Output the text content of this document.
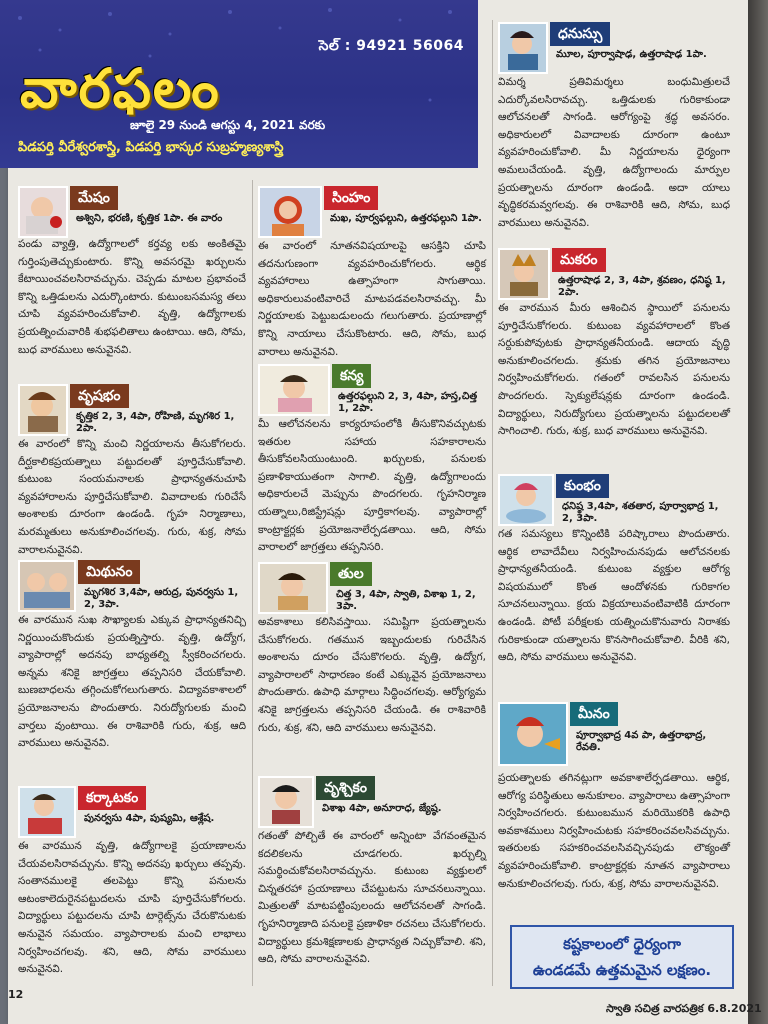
సెల్ : 94921 56064
వారఫలం
జూలై 29 నుండి ఆగస్టు 4, 2021 వరకు
పిడపర్తి వీరేశ్వరశాస్త్రి, పిడపర్తి భాస్కర సుబ్రహ్మణ్యశాస్త్రి
మేషం
అశ్విని, భరణి, కృత్తిక 1పా. ఈ వారం
పండు వ్యాత్తి, ఉద్యోగాలలో కర్తవ్య లకు అంకితమై గుర్తింపుతెచ్చుకుంటారు. కొన్ని అవసరమై ఖర్చులను కేటాయించవలసిరావచ్చును. చెప్పడు మాటల ప్రభావంచే కొన్ని ఒత్తిడులను ఎదుర్కొంటారు. కుటుంబసమస్య తలు చూపి వ్యవహరించుకోవాలి. వృత్తి, ఉద్యోగాలకు ప్రయత్నించువారికి శుభఫలితాలు ఉంటాయి. ఆది, సోమ, బుధ వారములు అనువైనవి.
వృషభం
కృత్తిక 2, 3, 4పా, రోహిణి, మృగశిర 1, 2పా.
ఈ వారంలో కొన్ని మంచి నిర్ణయాలను తీసుకోగలరు. దీర్ఘకాలికప్రయత్నాలు పట్టుదలతో పూర్తిచేసుకోవాలి. కుటుంబ సంయమనాలకు ప్రాధాన్యతనుచూపి వ్యవహారాలను పూర్తిచేసుకోవాలి. వివాదాలకు గురిచేసే అంశాలకు దూరంగా ఉండండి. గృహ నిర్మాణాలు, మరమ్మతులు అనుకూలించగలవు. గురు, శుక్ర, సోమ వారాలనువైనవి.
మిథునం
మృగశిర 3,4పా, ఆరుద్ర, పునర్వసు 1, 2, 3పా.
ఈ వారమున సుఖ సౌఖ్యాలకు ఎక్కువ ప్రాధాన్యతనిచ్చి నిర్ణయించుకొందుకు ప్రయత్నిస్తారు. వృత్తి, ఉద్యోగ, వ్యాపారాల్లో అదనపు బాధ్యతల్ని స్వీకరించగలరు. అన్నమ శనికై జాగ్రత్తలు తప్పనిసరి చేయకోవాలి. బుణబాధలను తగ్గించుకోగలుగుతారు. విద్యావకాశాలలో ప్రయోజనాలను పొందుతారు. నిరుద్యోగులకు మంచి వార్తలు వుంటాయి. ఈ రాశివారికి గురు, శుక్ర, ఆది వారములు అనువైనవి.
కర్కాటకం
పునర్వసు 4పా, పుష్యమి, ఆశ్లేష.
ఈ వారమున వృత్తి, ఉద్యోగాలకై ప్రయాణాలను చేయవలసిరావచ్చును. కొన్ని అదనపు ఖర్చులు తప్పవు. సంతానములకై తలపెట్టు కొన్ని పనులను ఆటంకాలెదురైనపట్టుదలను చూపి పూర్తిచేసుకోగలరు. విద్యార్థులు పట్టుదలను చూపి టార్గెట్స్‌ను చేరుకొనుటకు అనువైన సమయం. వ్యాపారాలకు మంచి లాభాలు నిర్వహించగలవు. శని, ఆది, సోమ వారములు అనువైనవి.
సింహం
మఖ, పూర్వఫల్గుని, ఉత్తరఫల్గుని 1పా.
ఈ వారంలో నూతనవిషయాలపై ఆసక్తిని చూపి తదనుగుణంగా వ్యవహరించుకోగలరు. ఆర్థిక వ్యవహారాలు ఉత్సాహంగా సాగుతాయి. అధికారులువంటివారిచే మాటపడవలసిరావచ్చు. మీ నిర్ణయాలకు పెట్టుబడులందు గలుగుతారు. ప్రయాణాల్లో కొన్ని నాయాలు చేసుకొంటారు. ఆది, సోమ, బుధ వారాలు అనువైనవి.
కన్య
ఉత్తరఫల్గుని 2, 3, 4పా, హస్త,చిత్త 1, 2పా.
మీ ఆలోచనలను కార్యరూపంలోకి తీసుకొనివచ్చుటకు ఇతరుల సహాయ సహకారాలను తీసుకోవలసియుంటుంది. ఖర్చులకు, పనులకు ప్రణాళికాయుతంగా సాగాలి. వృత్తి, ఉద్యోగాలందు అధికారులచే మెప్పును పొందగలరు. గృహనిర్మాణ యత్నాలు,రిజిస్ట్రేషన్లు పూర్తికాగలవు. వ్యాపారాల్లో కాంట్రాక్టర్లకు ప్రయోజనాలేర్పడతాయి. ఆది, సోమ వారాలలో జాగ్రత్తలు తప్పనిసరి.
తుల
చిత్త 3, 4పా, స్వాతి, విశాఖ 1, 2, 3పా.
అవకాశాలు కలిసివస్తాయి. సమిష్టిగా ప్రయత్నాలను చేసుకోగలరు. గతమున ఇబ్బందులకు గురిచేసిన అంశాలను దూరం చేసుకొగలరు. వృత్తి, ఉద్యోగ, వ్యాపారాలలో సాధారణం కంటే ఎక్కువైన ప్రయోజనాలు పొందుతారు. ఉపాధి మార్గాలు సిద్ధించగలవు. ఆర్యోగ్యమ శనికై జాగ్రత్తలను తప్పనిసరి చేయండి. ఈ రాశివారికి గురు, శుక్ర, శని, ఆది వారములు అనువైనవి.
వృశ్చికం
విశాఖ 4పా, అనూరాధ, జ్యేష్ఠ.
గతంతో పోల్చితే ఈ వారంలో అన్నింటా వేగవంతమైన కదలికలను చూడగలరు. ఖర్చుల్ని సమర్థించుకోవలసిరావచ్చును. కుటుంబ వ్యక్తులలో చిన్నతరహా ప్రయాణాలు చేపట్టుటను సూచనలున్నాయి. మిత్రులతో మాటపట్టింపులందు ఆలోచనలతో సాగండి. గృహనిర్మాణాది పనులకై ప్రణాళికా రచనలు చేసుకోగలరు. విద్యార్థులు క్రమశిక్షణాలకు ప్రాధాన్యత నిచ్చుకోవాలి. శని, ఆది, సోమ వారాలనువైనవి.
ధనుస్సు
మూల, పూర్వాషాఢ, ఉత్తరాషాఢ 1పా.
విమర్శ ప్రతివిమర్శలు బంధుమిత్రులచే ఎదుర్కోవలసిరావచ్చు. ఒత్తిడులకు గురికాకుండా ఆలోచనలతో సాగండి. ఆరోగ్యంపై శ్రద్ధ అవసరం. అధికారులలో వివాదాలకు దూరంగా ఉంటూ వ్యవహరించుకోవాలి. మీ నిర్ణయాలను ధైర్యంగా అమలుచేయండి. వృత్తి, ఉద్యోగాలందు మార్పుల ప్రయత్నాలను దూరంగా ఉండండి. అదా యాలు వృద్ధికరమవ్వగలవు. ఈ రాశివారికి ఆది, సోమ, బుధ వారములు అనువైనవి.
మకరం
ఉత్తరాషాఢ 2, 3, 4పా, శ్రవణం, ధనిష్ఠ 1, 2పా.
ఈ వారమున మీరు ఆశించిన స్థాయిలో పనులను పూర్తిచేసుకోగలరు. కుటుంబ వ్యవహారాలలో కొంత సర్దుకుపోవుటకు ప్రాధాన్యతనీయండి. ఆదాయ వృద్ధి అనుకూలించగలదు. శ్రమకు తగిన ప్రయోజనాలు నిర్వహించుకోగలరు. గతంలో రావలసిన పనులను పొందగలరు. స్పెక్యులేషన్లకు దూరంగా ఉండండి. విద్యార్థులు, నిరుద్యోగులు ప్రయత్నాలను పట్టుదలలతో సాగించాలి. గురు, శుక్ర, బుధ వారములు అనువైనవి.
కుంభం
ధనిష్ఠ 3,4పా, శతతార, పూర్వాభాద్ర 1, 2, 3పా.
గత సమస్యలు కొన్నింటికి పరిష్కారాలు పొందుతారు. ఆర్థిక లావాదేవీలు నిర్వహించునపుడు ఆలోచనలకు ప్రాధాన్యతనీయండి. కుటుంబ వ్యక్తుల ఆరోగ్య విషయములో కొంత ఆందోళనకు గురికాగల సూచనలున్నాయి. క్రయ విక్రయాలువంటివాటికి దూరంగా ఉండండి. పోటీ పరీక్షలకు యత్నించుకొనువారు నిరాశకు గురికాకుండా యత్నాలను కొనసాగించుకోవాలి. వీరికి శని, ఆది, సోమ వారములు అనువైనవి.
మీనం
పూర్వాభాద్ర 4వ పా, ఉత్తరాభాద్ర, రేవతి.
ప్రయత్నాలకు తగినట్లుగా అవకాశాలేర్పడతాయి. ఆర్థిక, ఆరోగ్య పరిస్థితులు అనుకూలం. వ్యాపారాలు ఉత్సాహంగా నిర్వహించగలరు. కుటుంబమున మరియొకరికి ఉపాధి అవకాశములు నిర్వహించుటకు సహకరించవలసివచ్చును. ఇతరులకు సహకరించవలసివచ్చినపుడు లౌక్యంతో వ్యవహరించుకోవాలి. కాంట్రాక్టర్లకు నూతన వ్యాపారాలు అనుకూలించగలవు. గురు, శుక్ర, సోమ వారాలనువైనవి.
కష్టకాలంలో ధైర్యంగా
ఉండడమే ఉత్తమమైన లక్షణం.
12
స్వాతి సచిత్ర వారపత్రిక 6.8.2021
